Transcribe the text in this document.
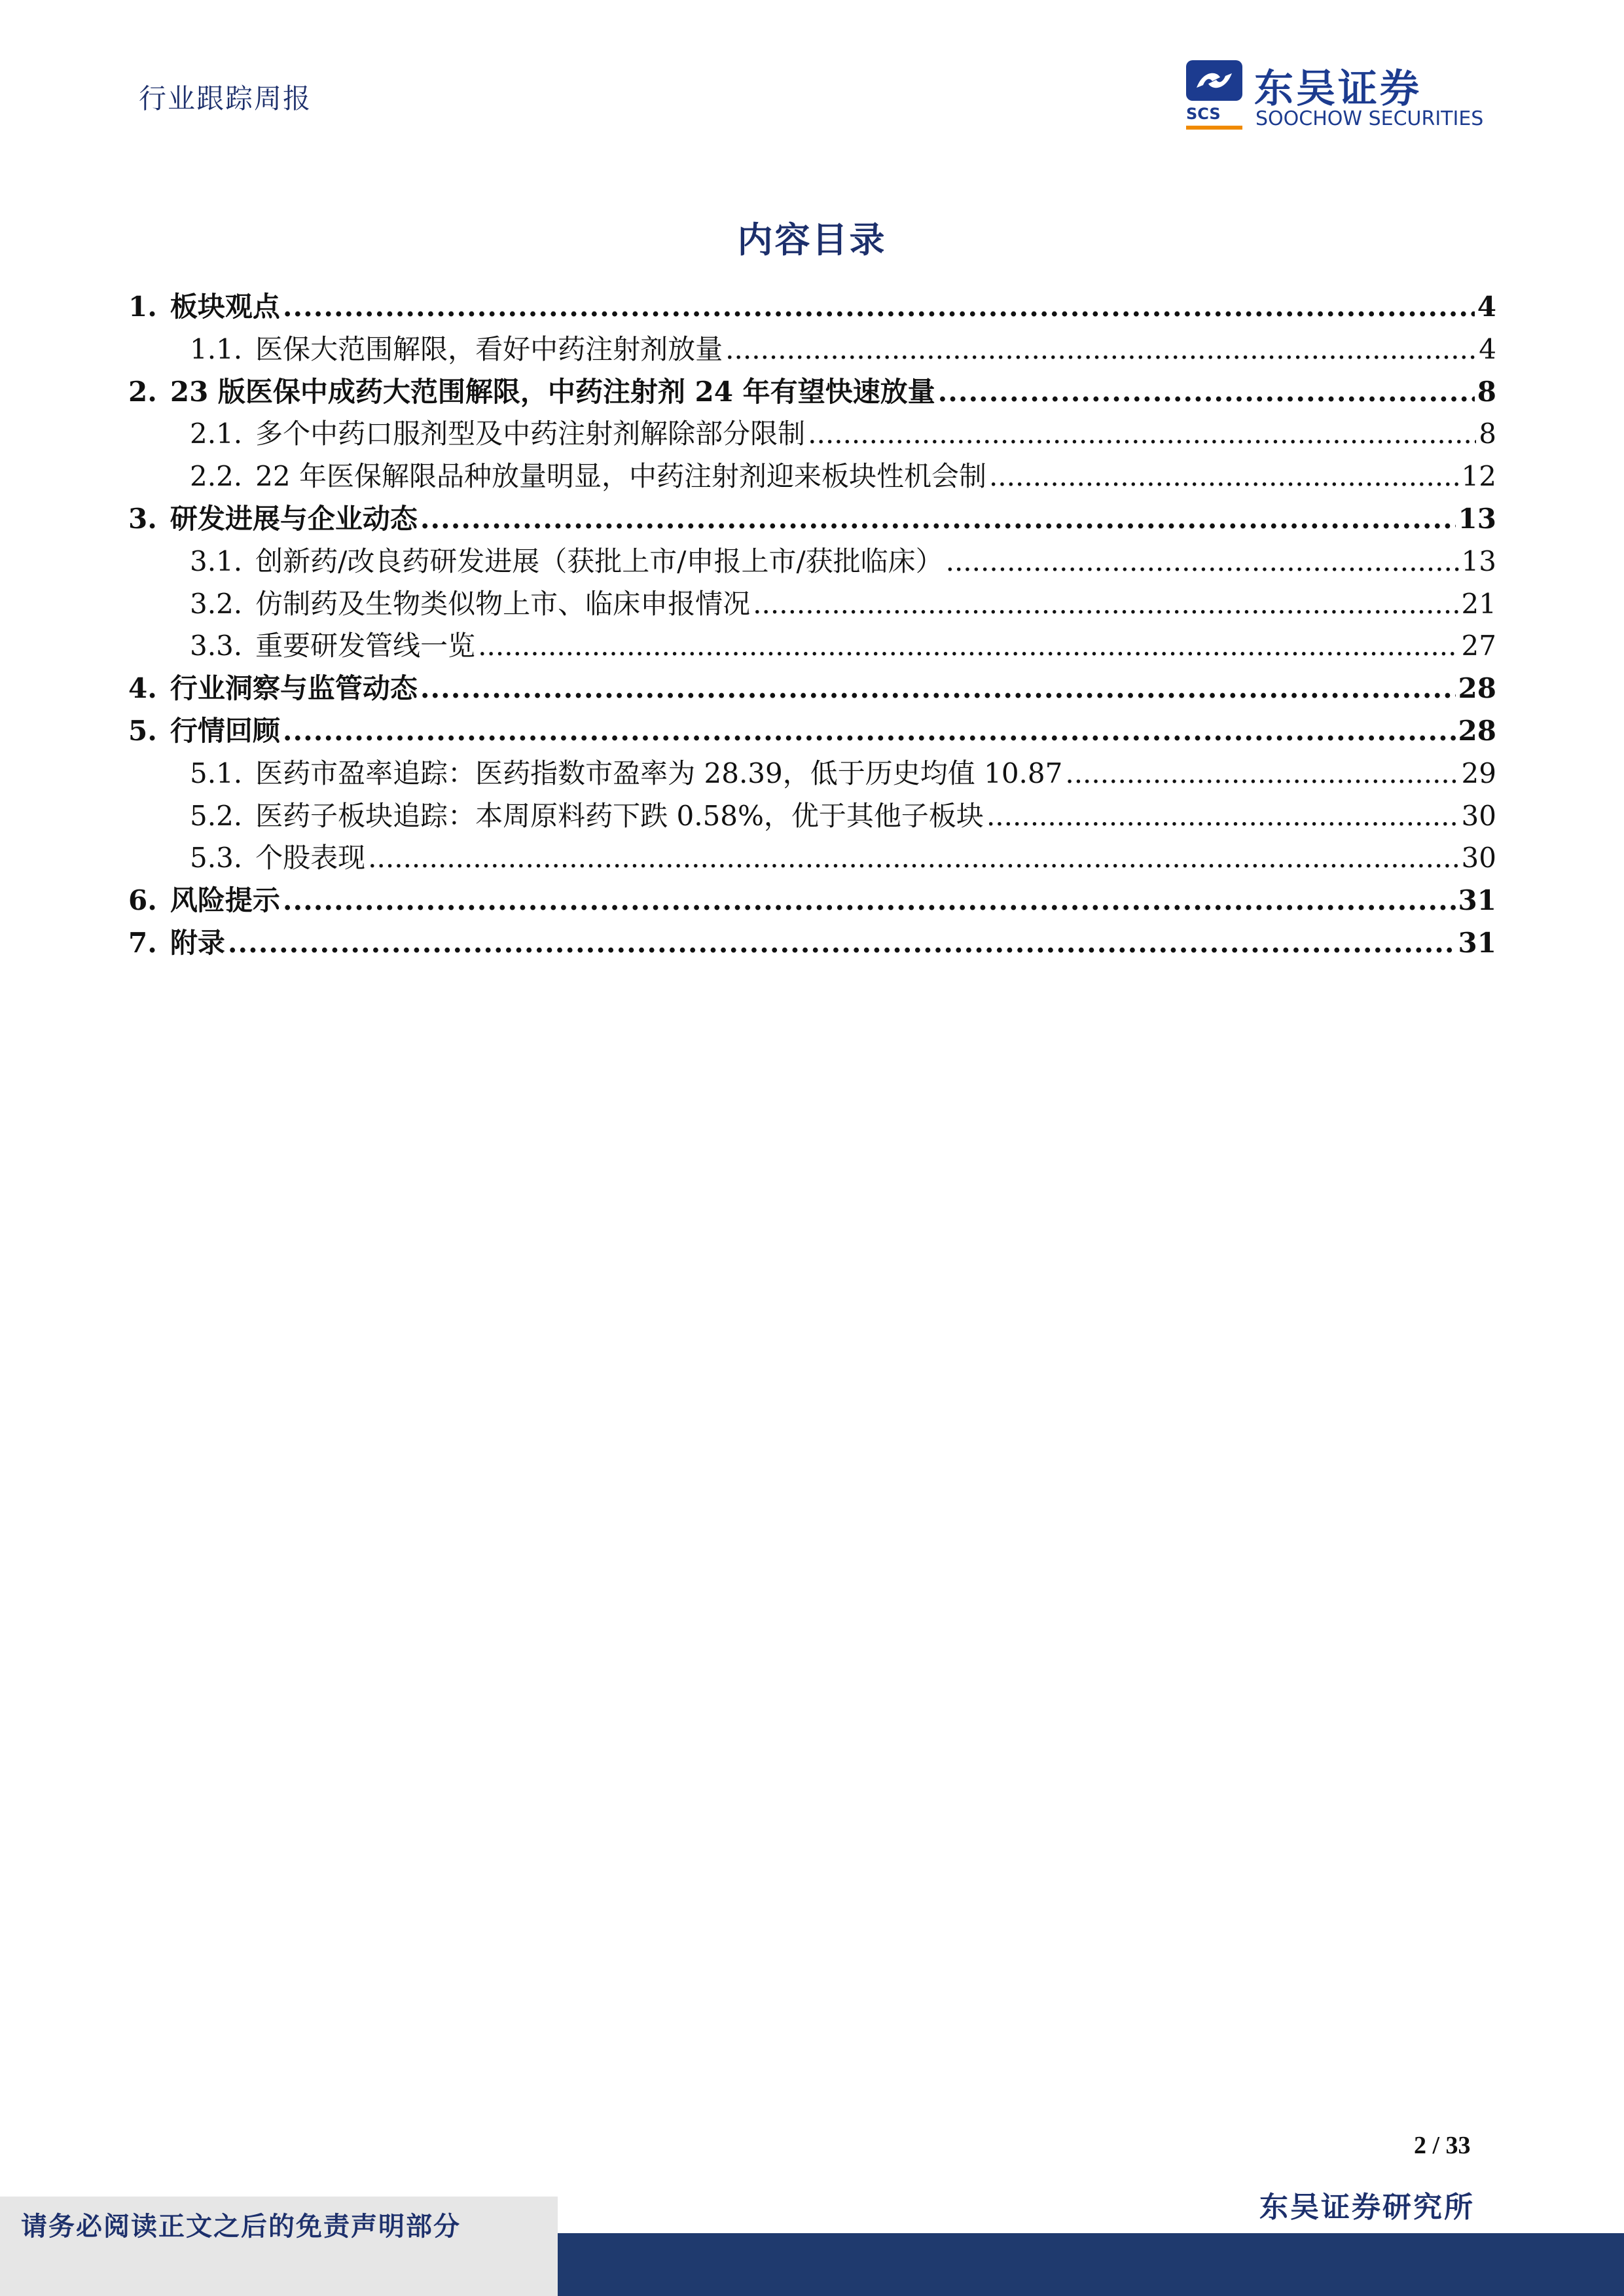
行业跟踪周报	SCS
东吴证券
SOOCHOW SECURITIES
内容目录
1. 板块观点 .....	4
1.1. 医保大范围解限，看好中药注射剂放量 .....	4
2. 23 版医保中成药大范围解限，中药注射剂 24 年有望快速放量 .....	8
2.1. 多个中药口服剂型及中药注射剂解除部分限制 .....	8
2.2. 22 年医保解限品种放量明显，中药注射剂迎来板块性机会制 .....	12
3. 研发进展与企业动态 .....	13
3.1. 创新药/改良药研发进展（获批上市/申报上市/获批临床） .....	13
3.2. 仿制药及生物类似物上市、临床申报情况 .....	21
3.3. 重要研发管线一览 .....	27
4. 行业洞察与监管动态 .....	28
5. 行情回顾 .....	28
5.1. 医药市盈率追踪：医药指数市盈率为 28.39，低于历史均值 10.87 .....	29
5.2. 医药子板块追踪：本周原料药下跌 0.58%，优于其他子板块 .....	30
5.3. 个股表现 .....	30
6. 风险提示 .....	31
7. 附录 .....	31
2 / 33
请务必阅读正文之后的免责声明部分
东吴证券研究所
